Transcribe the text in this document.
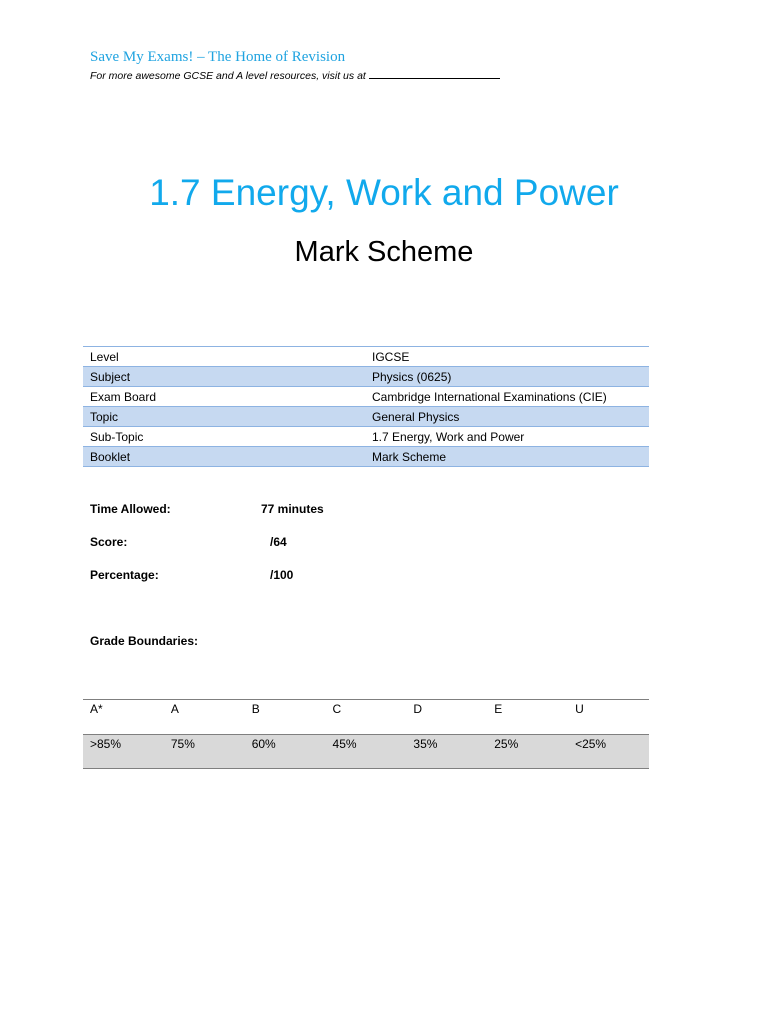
Save My Exams! – The Home of Revision
For more awesome GCSE and A level resources, visit us at
1.7 Energy, Work and Power
Mark Scheme
Level	IGCSE
Subject	Physics (0625)
Exam Board	Cambridge International Examinations (CIE)
Topic	General Physics
Sub-Topic	1.7 Energy, Work and Power
Booklet	Mark Scheme
Time Allowed:	77 minutes
Score:	/64
Percentage:	/100
Grade Boundaries:
A*	A	B	C	D	E	U
>85%	75%	60%	45%	35%	25%	<25%
